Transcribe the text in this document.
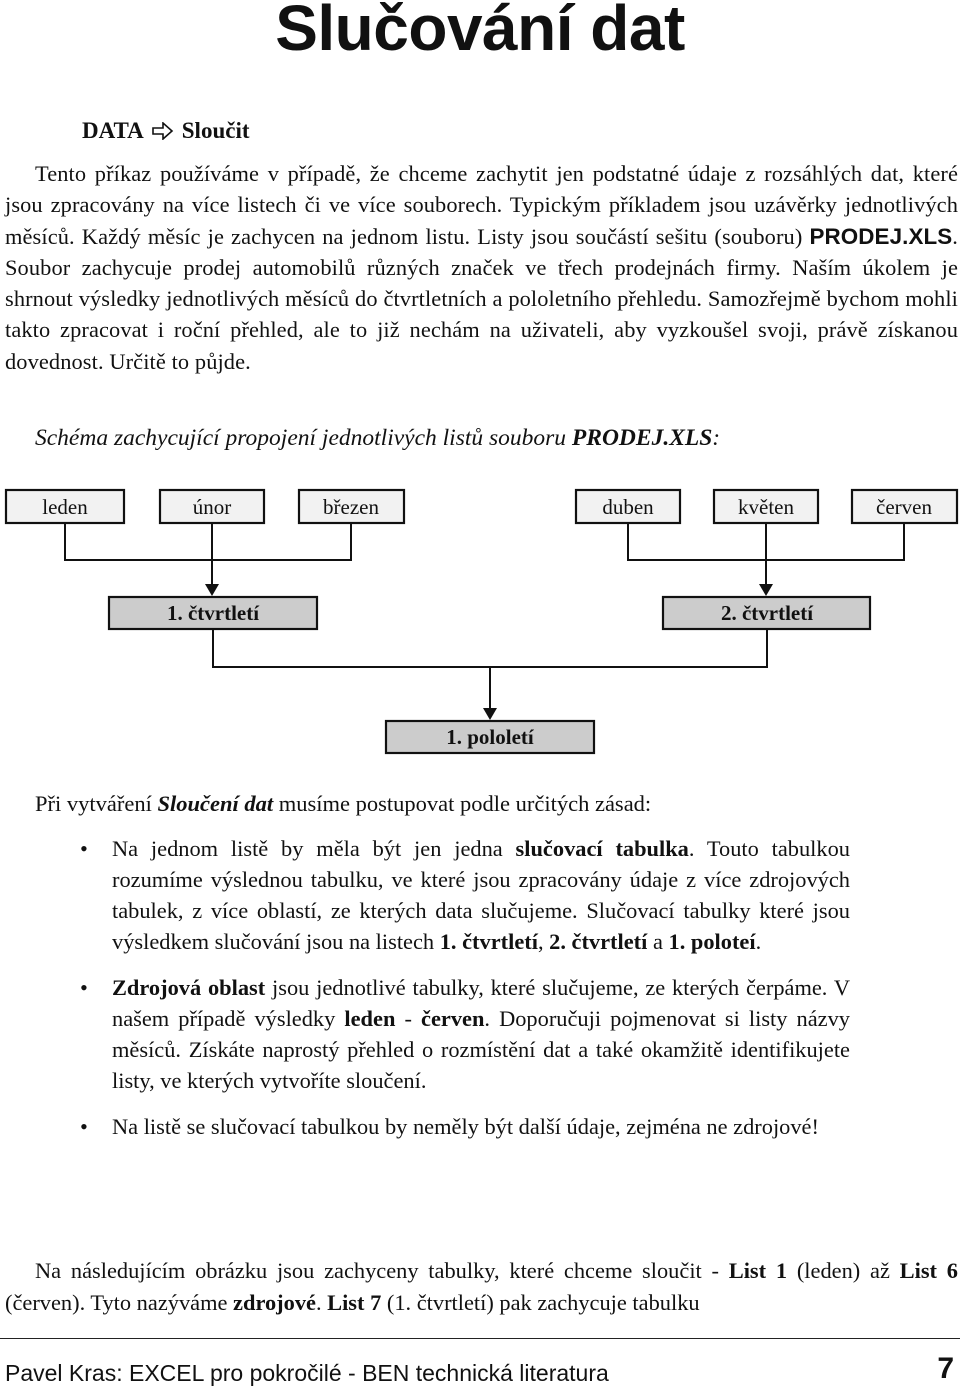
Slučování dat
DATA Sloučit

Tento příkaz používáme v případě, že chceme zachytit jen podstatné údaje z rozsáhlých dat, které jsou zpracovány na více listech či ve více souborech. Typickým příkladem jsou uzávěrky jednotlivých měsíců. Každý měsíc je zachycen na jednom listu. Listy jsou součástí sešitu (souboru) PRODEJ.XLS. Soubor zachycuje prodej automobilů různých značek ve třech prodejnách firmy. Naším úkolem je shrnout výsledky jednotlivých měsíců do čtvrtletních a pololetního přehledu. Samozřejmě bychom mohli takto zpracovat i roční přehled, ale to již nechám na uživateli, aby vyzkoušel svoji, právě získanou dovednost. Určitě to půjde.

Schéma zachycující propojení jednotlivých listů souboru PRODEJ.XLS:
leden	únor	březen	duben	květen	červen
1. čtvrtletí	2. čtvrtletí
1. pololetí
Při vytváření Sloučení dat musíme postupovat podle určitých zásad:
• Na jednom listě by měla být jen jedna slučovací tabulka. Touto tabulkou rozumíme výslednou tabulku, ve které jsou zpracovány údaje z více zdrojových tabulek, z více oblastí, ze kterých data slučujeme. Slučovací tabulky které jsou výsledkem slučování jsou na listech 1. čtvrtletí, 2. čtvrtletí a 1. poloteí.
• Zdrojová oblast jsou jednotlivé tabulky, které slučujeme, ze kterých čerpáme. V našem případě výsledky leden - červen. Doporučuji pojmenovat si listy názvy měsíců. Získáte naprostý přehled o rozmístění dat a také okamžitě identifikujete listy, ve kterých vytvoříte sloučení.
• Na listě se slučovací tabulkou by neměly být další údaje, zejména ne zdrojové!

Na následujícím obrázku jsou zachyceny tabulky, které chceme sloučit - List 1 (leden) až List 6 (červen). Tyto nazýváme zdrojové. List 7 (1. čtvrtletí) pak zachycuje tabulku

Pavel Kras: EXCEL pro pokročilé - BEN technická literatura	7
